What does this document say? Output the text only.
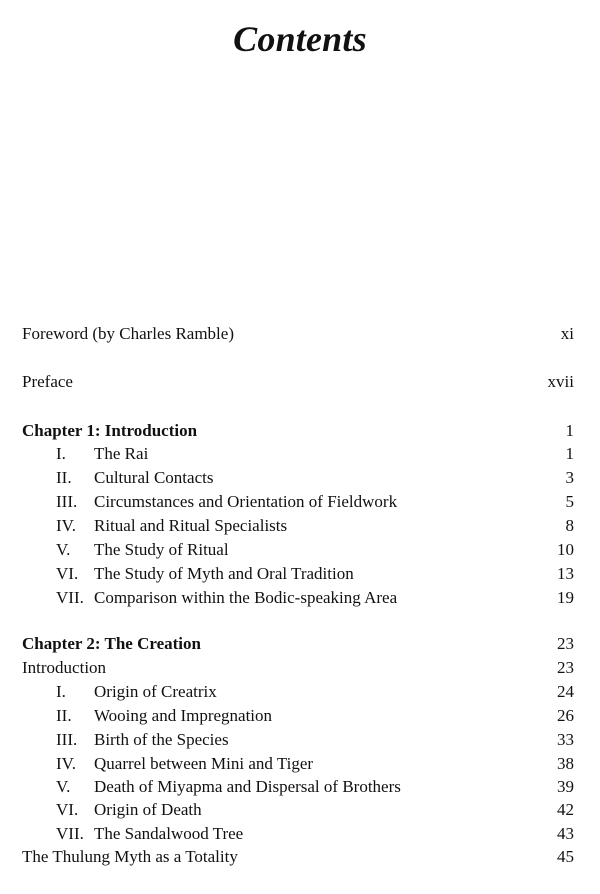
Contents
Foreword (by Charles Ramble)	xi
Preface	xvii
Chapter 1: Introduction	1
I. The Rai	1
II. Cultural Contacts	3
III. Circumstances and Orientation of Fieldwork	5
IV. Ritual and Ritual Specialists	8
V. The Study of Ritual	10
VI. The Study of Myth and Oral Tradition	13
VII. Comparison within the Bodic-speaking Area	19
Chapter 2: The Creation	23
Introduction	23
I. Origin of Creatrix	24
II. Wooing and Impregnation	26
III. Birth of the Species	33
IV. Quarrel between Mini and Tiger	38
V. Death of Miyapma and Dispersal of Brothers	39
VI. Origin of Death	42
VII. The Sandalwood Tree	43
The Thulung Myth as a Totality	45
